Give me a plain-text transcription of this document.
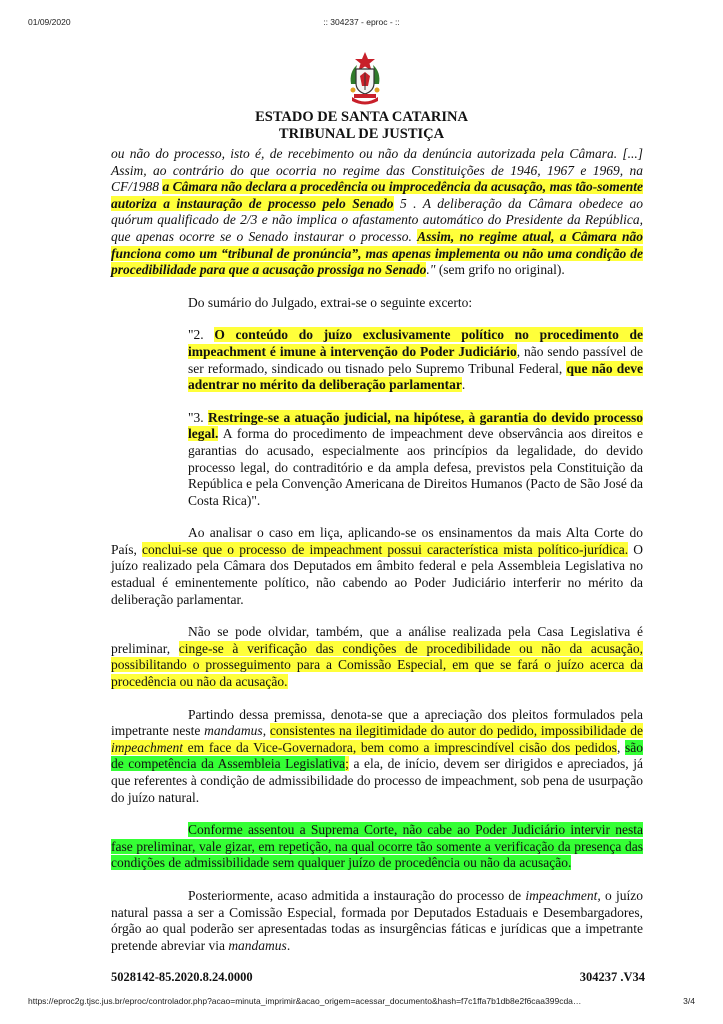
01/09/2020	:: 304237 - eproc - ::
ESTADO DE SANTA CATARINA
TRIBUNAL DE JUSTIÇA

ou não do processo, isto é, de recebimento ou não da denúncia autorizada pela Câmara. [...] Assim, ao contrário do que ocorria no regime das Constituições de 1946, 1967 e 1969, na CF/1988 a Câmara não declara a procedência ou improcedência da acusação, mas tão-somente autoriza a instauração de processo pelo Senado 5 . A deliberação da Câmara obedece ao quórum qualificado de 2/3 e não implica o afastamento automático do Presidente da República, que apenas ocorre se o Senado instaurar o processo. Assim, no regime atual, a Câmara não funciona como um “tribunal de pronúncia”, mas apenas implementa ou não uma condição de procedibilidade para que a acusação prossiga no Senado." (sem grifo no original).

Do sumário do Julgado, extrai-se o seguinte excerto:

"2. O conteúdo do juízo exclusivamente político no procedimento de impeachment é imune à intervenção do Poder Judiciário, não sendo passível de ser reformado, sindicado ou tisnado pelo Supremo Tribunal Federal, que não deve adentrar no mérito da deliberação parlamentar.

"3. Restringe-se a atuação judicial, na hipótese, à garantia do devido processo legal. A forma do procedimento de impeachment deve observância aos direitos e garantias do acusado, especialmente aos princípios da legalidade, do devido processo legal, do contraditório e da ampla defesa, previstos pela Constituição da República e pela Convenção Americana de Direitos Humanos (Pacto de São José da Costa Rica)".

Ao analisar o caso em liça, aplicando-se os ensinamentos da mais Alta Corte do País, conclui-se que o processo de impeachment possui característica mista político-jurídica. O juízo realizado pela Câmara dos Deputados em âmbito federal e pela Assembleia Legislativa no estadual é eminentemente político, não cabendo ao Poder Judiciário interferir no mérito da deliberação parlamentar.

Não se pode olvidar, também, que a análise realizada pela Casa Legislativa é preliminar, cinge-se à verificação das condições de procedibilidade ou não da acusação, possibilitando o prosseguimento para a Comissão Especial, em que se fará o juízo acerca da procedência ou não da acusação.

Partindo dessa premissa, denota-se que a apreciação dos pleitos formulados pela impetrante neste mandamus, consistentes na ilegitimidade do autor do pedido, impossibilidade de impeachment em face da Vice-Governadora, bem como a imprescindível cisão dos pedidos, são de competência da Assembleia Legislativa; a ela, de início, devem ser dirigidos e apreciados, já que referentes à condição de admissibilidade do processo de impeachment, sob pena de usurpação do juízo natural.

Conforme assentou a Suprema Corte, não cabe ao Poder Judiciário intervir nesta fase preliminar, vale gizar, em repetição, na qual ocorre tão somente a verificação da presença das condições de admissibilidade sem qualquer juízo de procedência ou não da acusação.

Posteriormente, acaso admitida a instauração do processo de impeachment, o juízo natural passa a ser a Comissão Especial, formada por Deputados Estaduais e Desembargadores, órgão ao qual poderão ser apresentadas todas as insurgências fáticas e jurídicas que a impetrante pretende abreviar via mandamus.

5028142-85.2020.8.24.0000	304237 .V34
https://eproc2g.tjsc.jus.br/eproc/controlador.php?acao=minuta_imprimir&acao_origem=acessar_documento&hash=f7c1ffa7b1db8e2f6caa399cda…	3/4
